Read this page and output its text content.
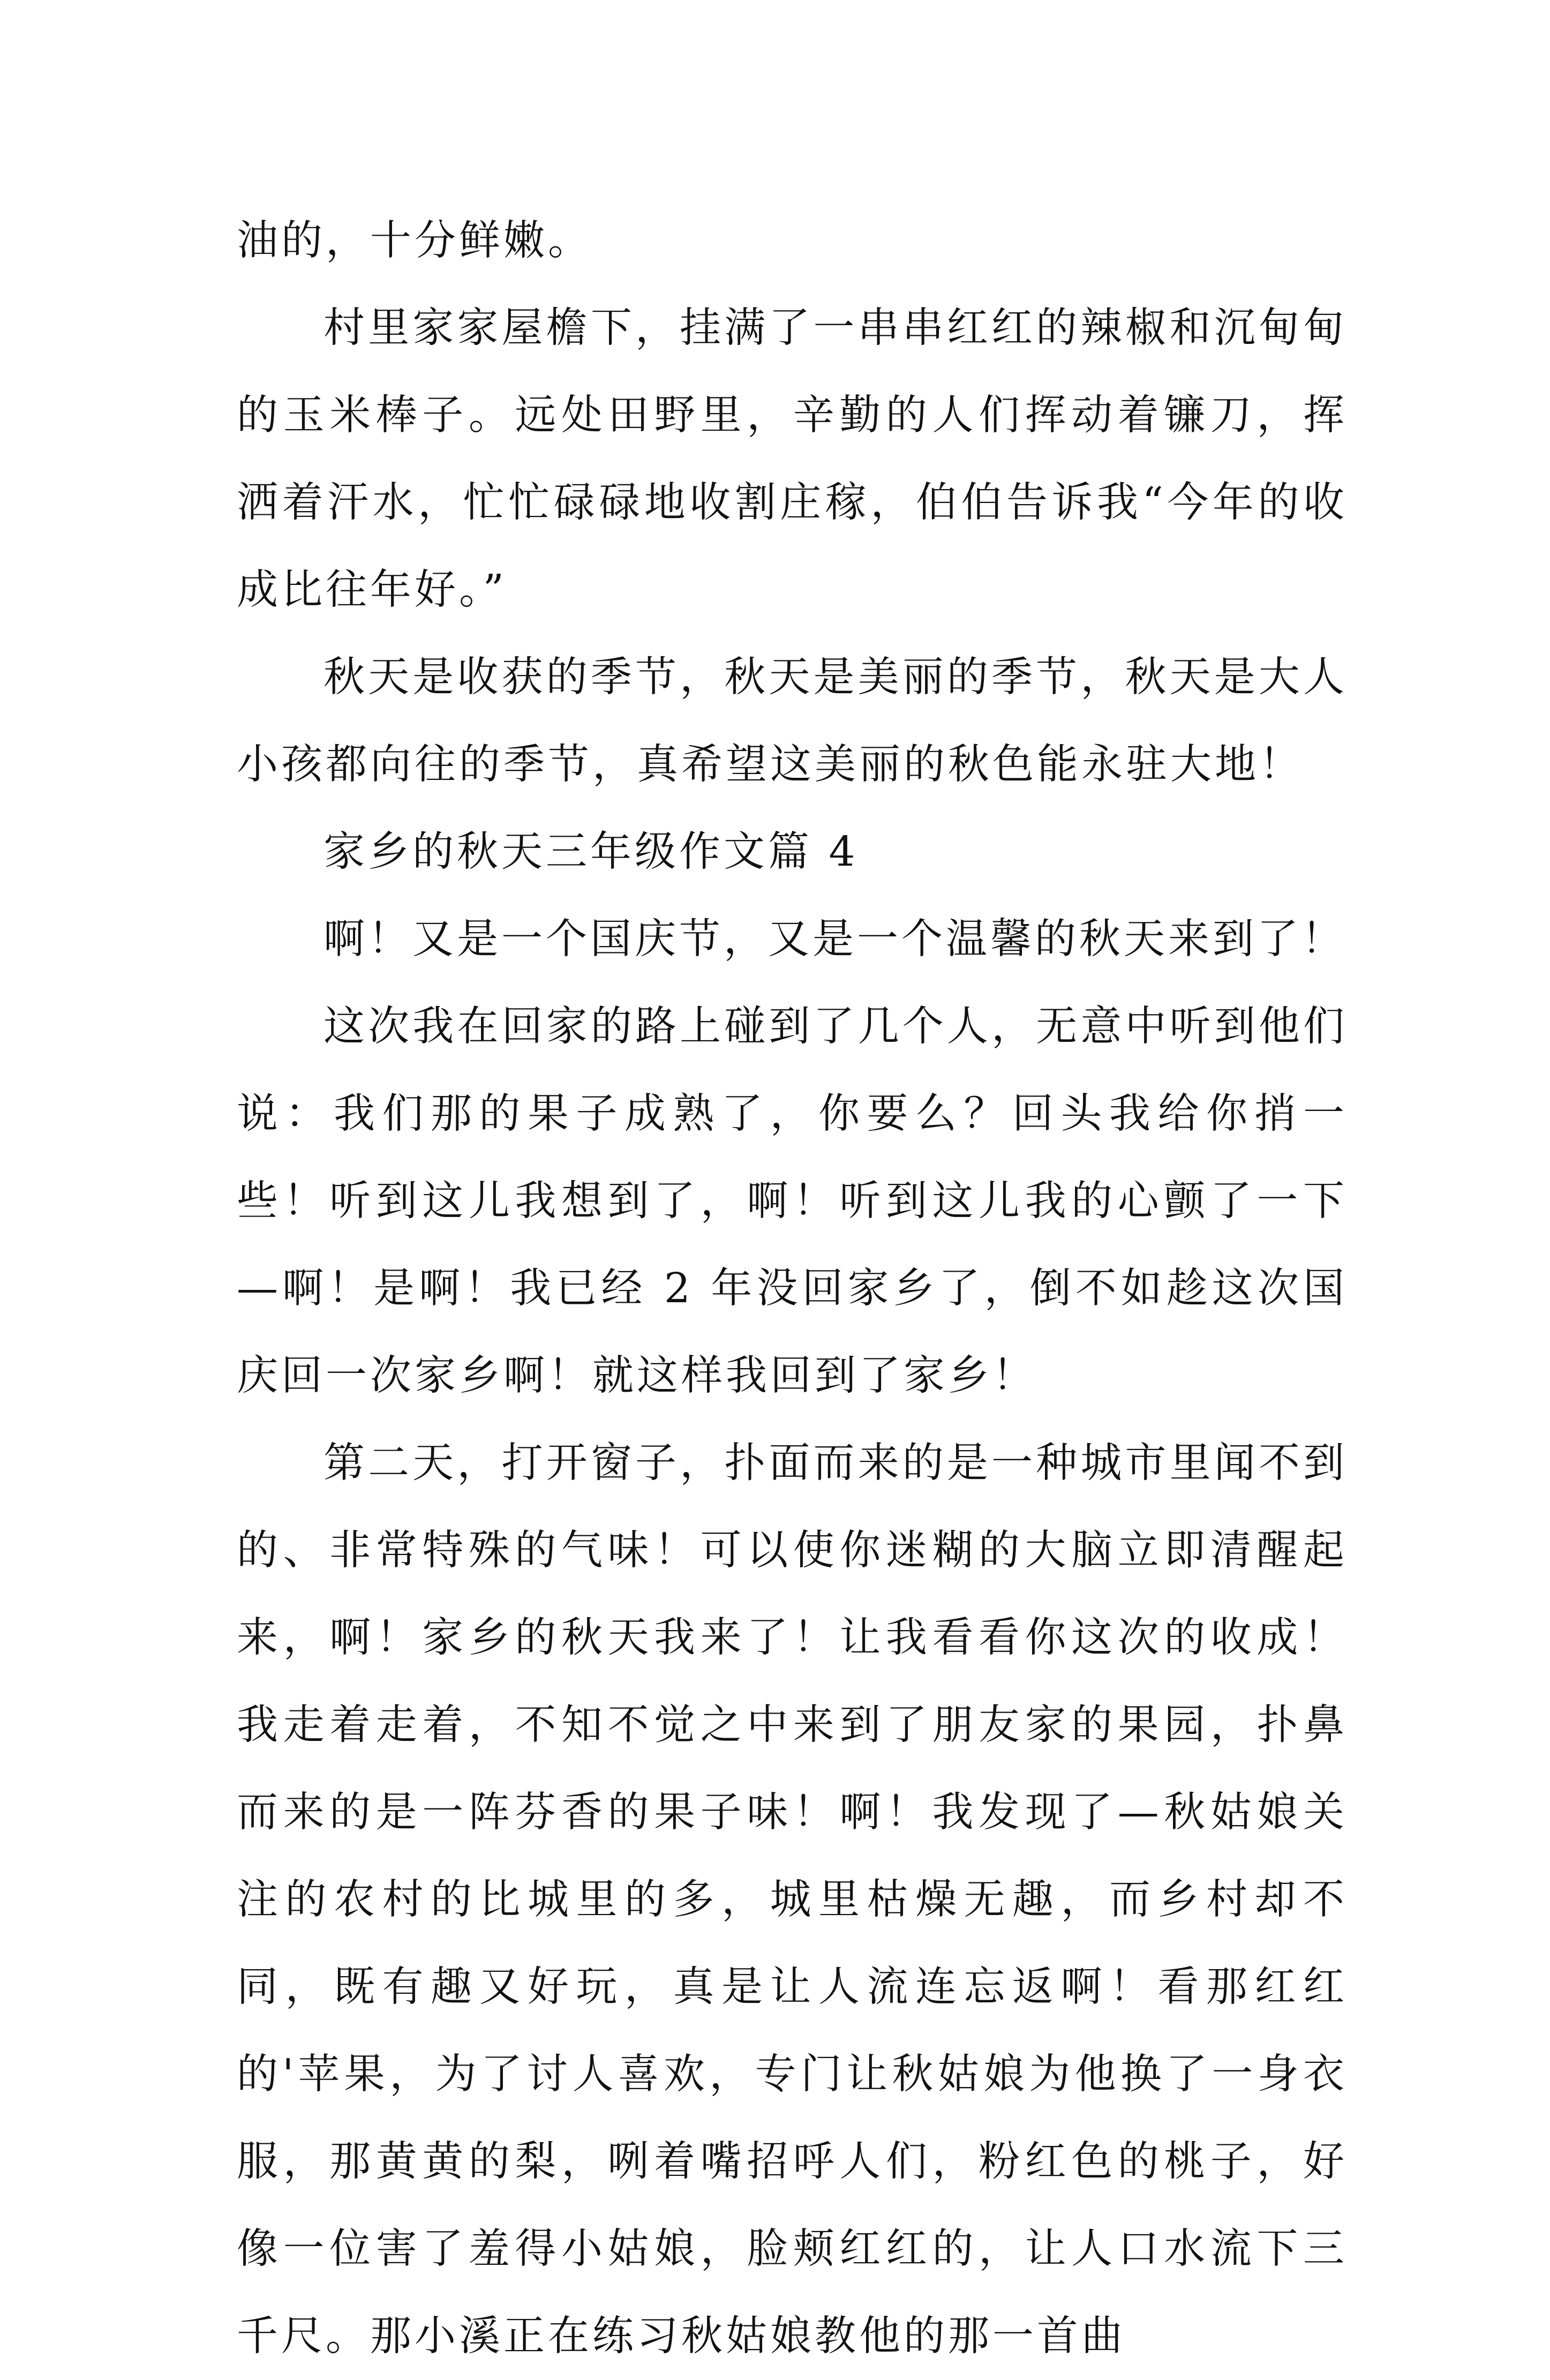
油的，十分鲜嫩。

村里家家屋檐下，挂满了一串串红红的辣椒和沉甸甸的玉米棒子。远处田野里，辛勤的人们挥动着镰刀，挥洒着汗水，忙忙碌碌地收割庄稼，伯伯告诉我“今年的收成比往年好。”

秋天是收获的季节，秋天是美丽的季节，秋天是大人小孩都向往的季节，真希望这美丽的秋色能永驻大地！

家乡的秋天三年级作文篇 4

啊！又是一个国庆节，又是一个温馨的秋天来到了！

这次我在回家的路上碰到了几个人，无意中听到他们说：我们那的果子成熟了，你要么？回头我给你捎一些！听到这儿我想到了，啊！听到这儿我的心颤了一下—啊！是啊！我已经 2 年没回家乡了，倒不如趁这次国庆回一次家乡啊！就这样我回到了家乡！

第二天，打开窗子，扑面而来的是一种城市里闻不到的、非常特殊的气味！可以使你迷糊的大脑立即清醒起来，啊！家乡的秋天我来了！让我看看你这次的收成！我走着走着，不知不觉之中来到了朋友家的果园，扑鼻而来的是一阵芬香的果子味！啊！我发现了—秋姑娘关注的农村的比城里的多，城里枯燥无趣，而乡村却不同，既有趣又好玩，真是让人流连忘返啊！看那红红的'苹果，为了讨人喜欢，专门让秋姑娘为他换了一身衣服，那黄黄的梨，咧着嘴招呼人们，粉红色的桃子，好像一位害了羞得小姑娘，脸颊红红的，让人口水流下三千尺。那小溪正在练习秋姑娘教他的那一首曲
